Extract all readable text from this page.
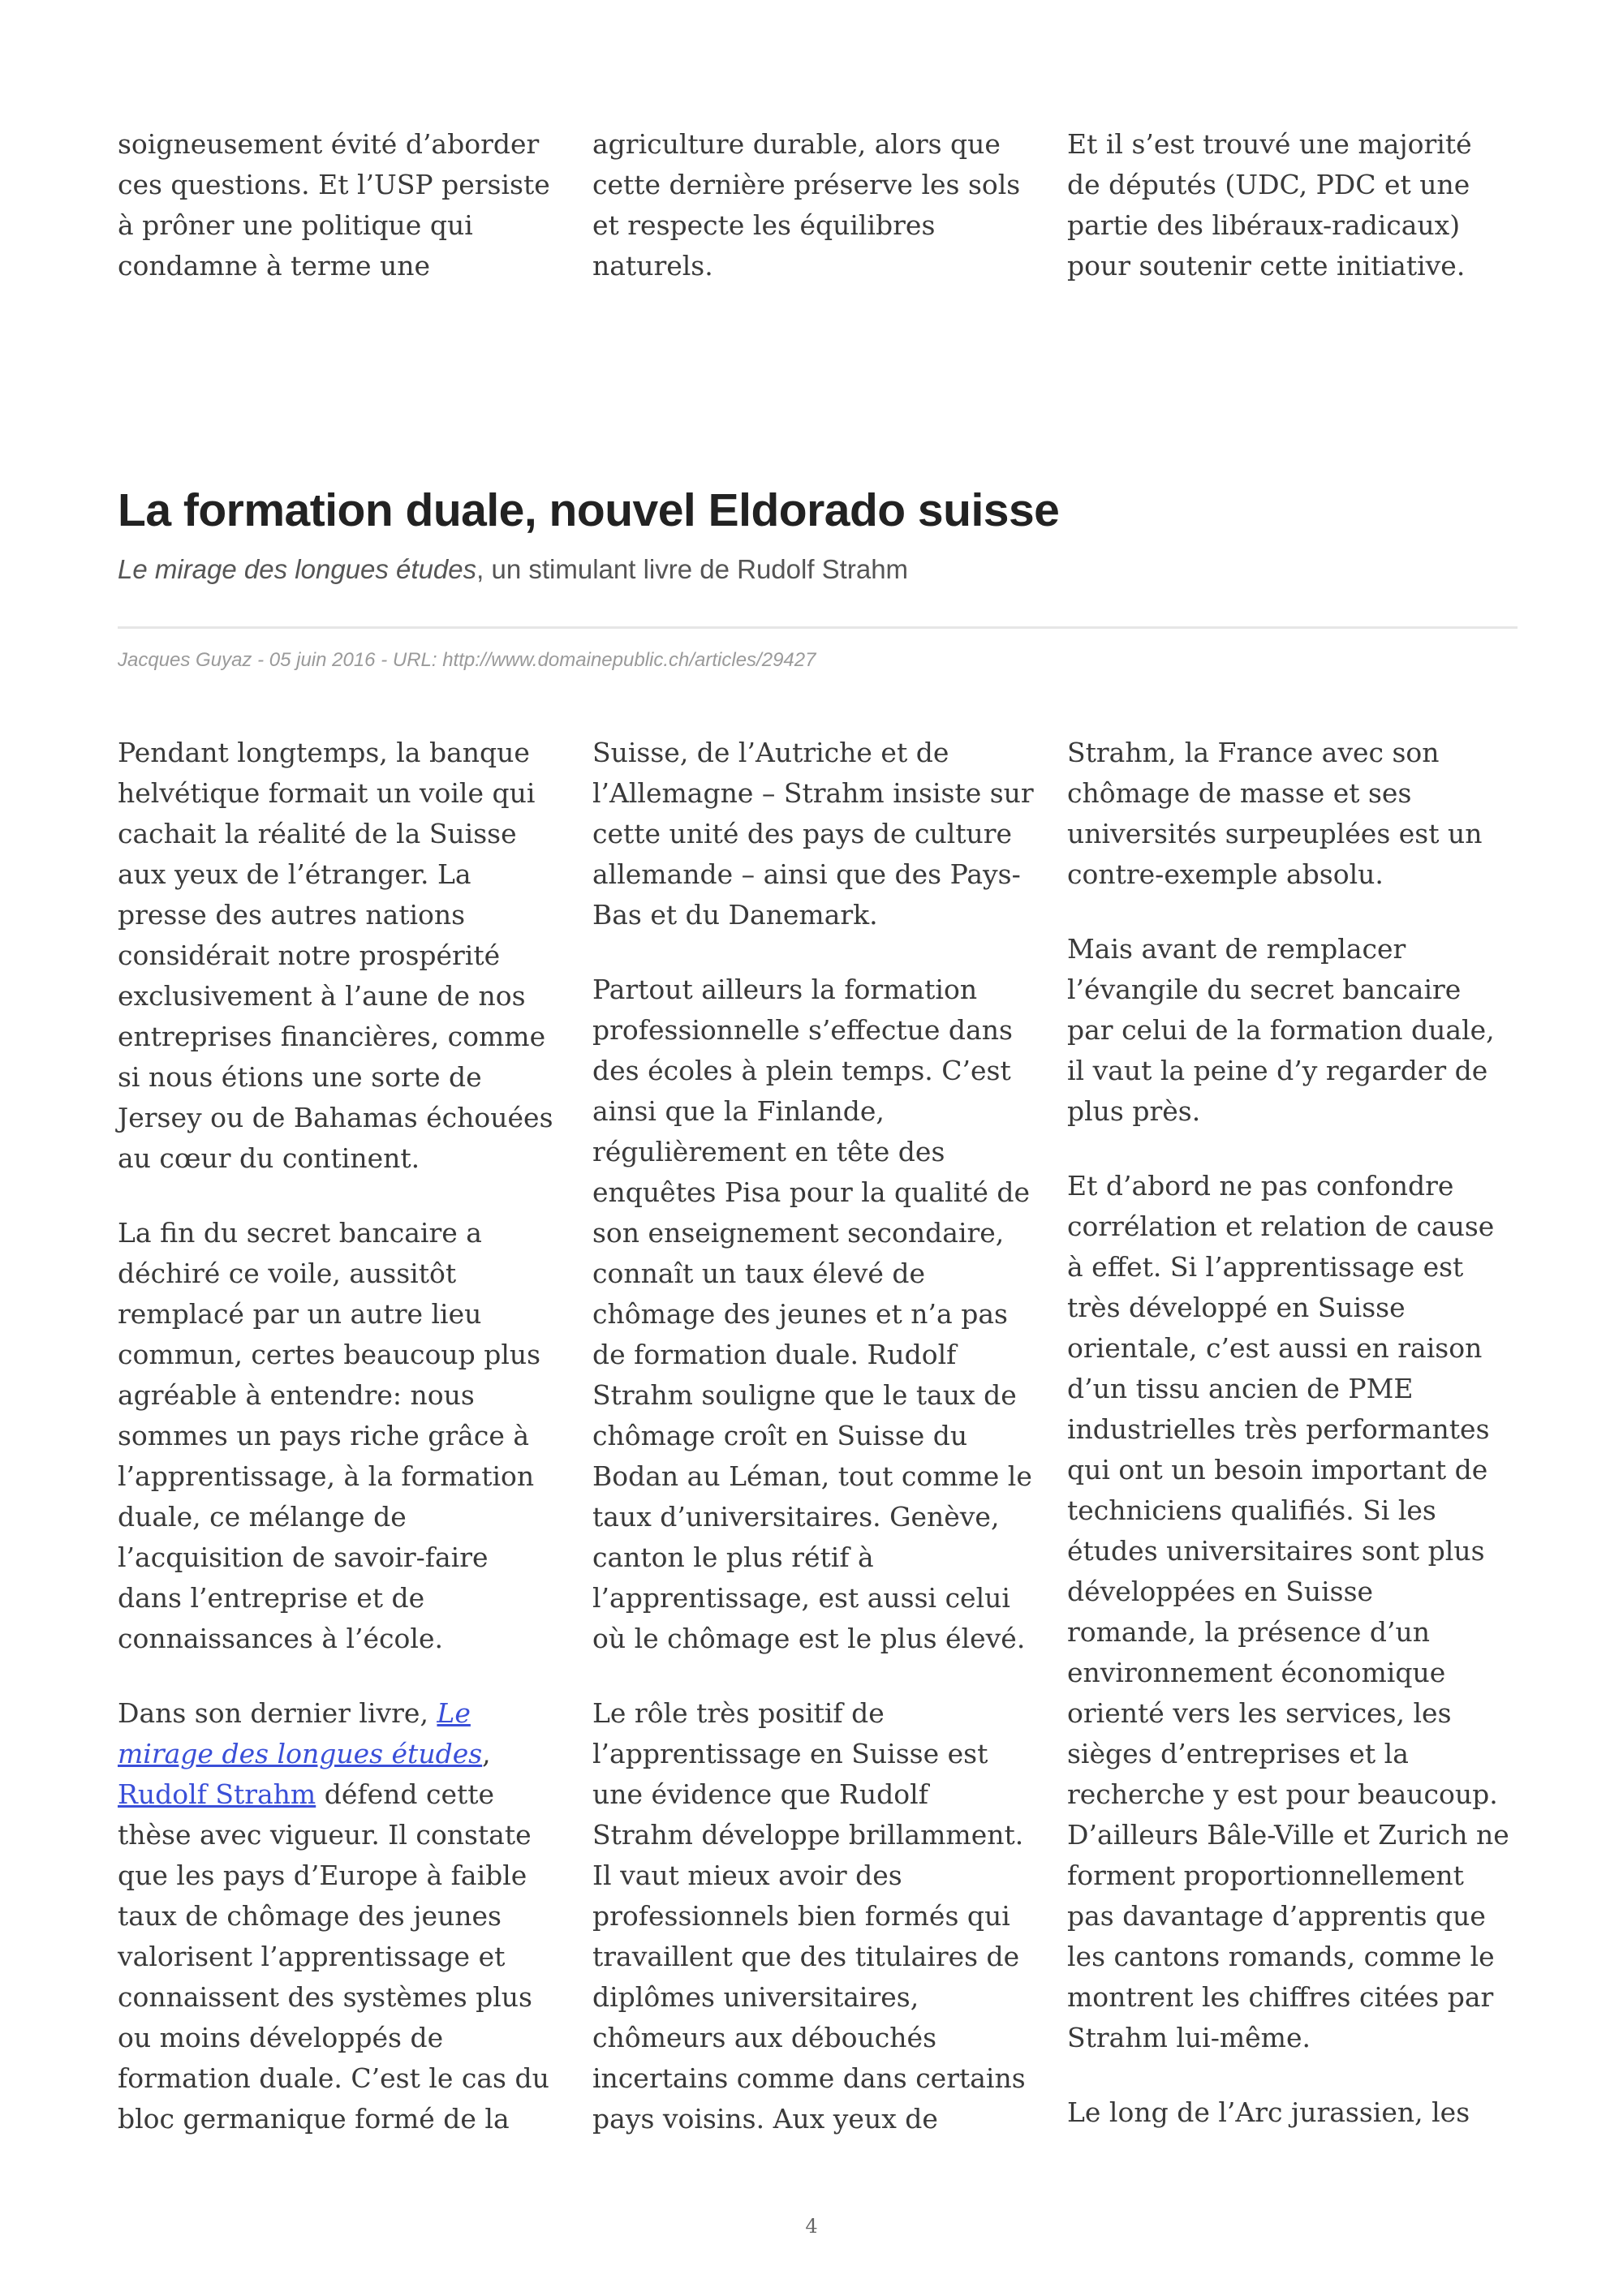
soigneusement évité d’aborder ces questions. Et l’USP persiste à prôner une politique qui condamne à terme une

agriculture durable, alors que cette dernière préserve les sols et respecte les équilibres naturels.

Et il s’est trouvé une majorité de députés (UDC, PDC et une partie des libéraux-radicaux) pour soutenir cette initiative.

La formation duale, nouvel Eldorado suisse

Le mirage des longues études, un stimulant livre de Rudolf Strahm

Jacques Guyaz - 05 juin 2016 - URL: http://www.domainepublic.ch/articles/29427

Pendant longtemps, la banque helvétique formait un voile qui cachait la réalité de la Suisse aux yeux de l’étranger. La presse des autres nations considérait notre prospérité exclusivement à l’aune de nos entreprises financières, comme si nous étions une sorte de Jersey ou de Bahamas échouées au cœur du continent.

La fin du secret bancaire a déchiré ce voile, aussitôt remplacé par un autre lieu commun, certes beaucoup plus agréable à entendre: nous sommes un pays riche grâce à l’apprentissage, à la formation duale, ce mélange de l’acquisition de savoir-faire dans l’entreprise et de connaissances à l’école.

Dans son dernier livre, Le mirage des longues études, Rudolf Strahm défend cette thèse avec vigueur. Il constate que les pays d’Europe à faible taux de chômage des jeunes valorisent l’apprentissage et connaissent des systèmes plus ou moins développés de formation duale. C’est le cas du bloc germanique formé de la

Suisse, de l’Autriche et de l’Allemagne – Strahm insiste sur cette unité des pays de culture allemande – ainsi que des Pays-Bas et du Danemark.

Partout ailleurs la formation professionnelle s’effectue dans des écoles à plein temps. C’est ainsi que la Finlande, régulièrement en tête des enquêtes Pisa pour la qualité de son enseignement secondaire, connaît un taux élevé de chômage des jeunes et n’a pas de formation duale. Rudolf Strahm souligne que le taux de chômage croît en Suisse du Bodan au Léman, tout comme le taux d’universitaires. Genève, canton le plus rétif à l’apprentissage, est aussi celui où le chômage est le plus élevé.

Le rôle très positif de l’apprentissage en Suisse est une évidence que Rudolf Strahm développe brillamment. Il vaut mieux avoir des professionnels bien formés qui travaillent que des titulaires de diplômes universitaires, chômeurs aux débouchés incertains comme dans certains pays voisins. Aux yeux de

Strahm, la France avec son chômage de masse et ses universités surpeuplées est un contre-exemple absolu.

Mais avant de remplacer l’évangile du secret bancaire par celui de la formation duale, il vaut la peine d’y regarder de plus près.

Et d’abord ne pas confondre corrélation et relation de cause à effet. Si l’apprentissage est très développé en Suisse orientale, c’est aussi en raison d’un tissu ancien de PME industrielles très performantes qui ont un besoin important de techniciens qualifiés. Si les études universitaires sont plus développées en Suisse romande, la présence d’un environnement économique orienté vers les services, les sièges d’entreprises et la recherche y est pour beaucoup. D’ailleurs Bâle-Ville et Zurich ne forment proportionnellement pas davantage d’apprentis que les cantons romands, comme le montrent les chiffres citées par Strahm lui-même.

Le long de l’Arc jurassien, les

4
